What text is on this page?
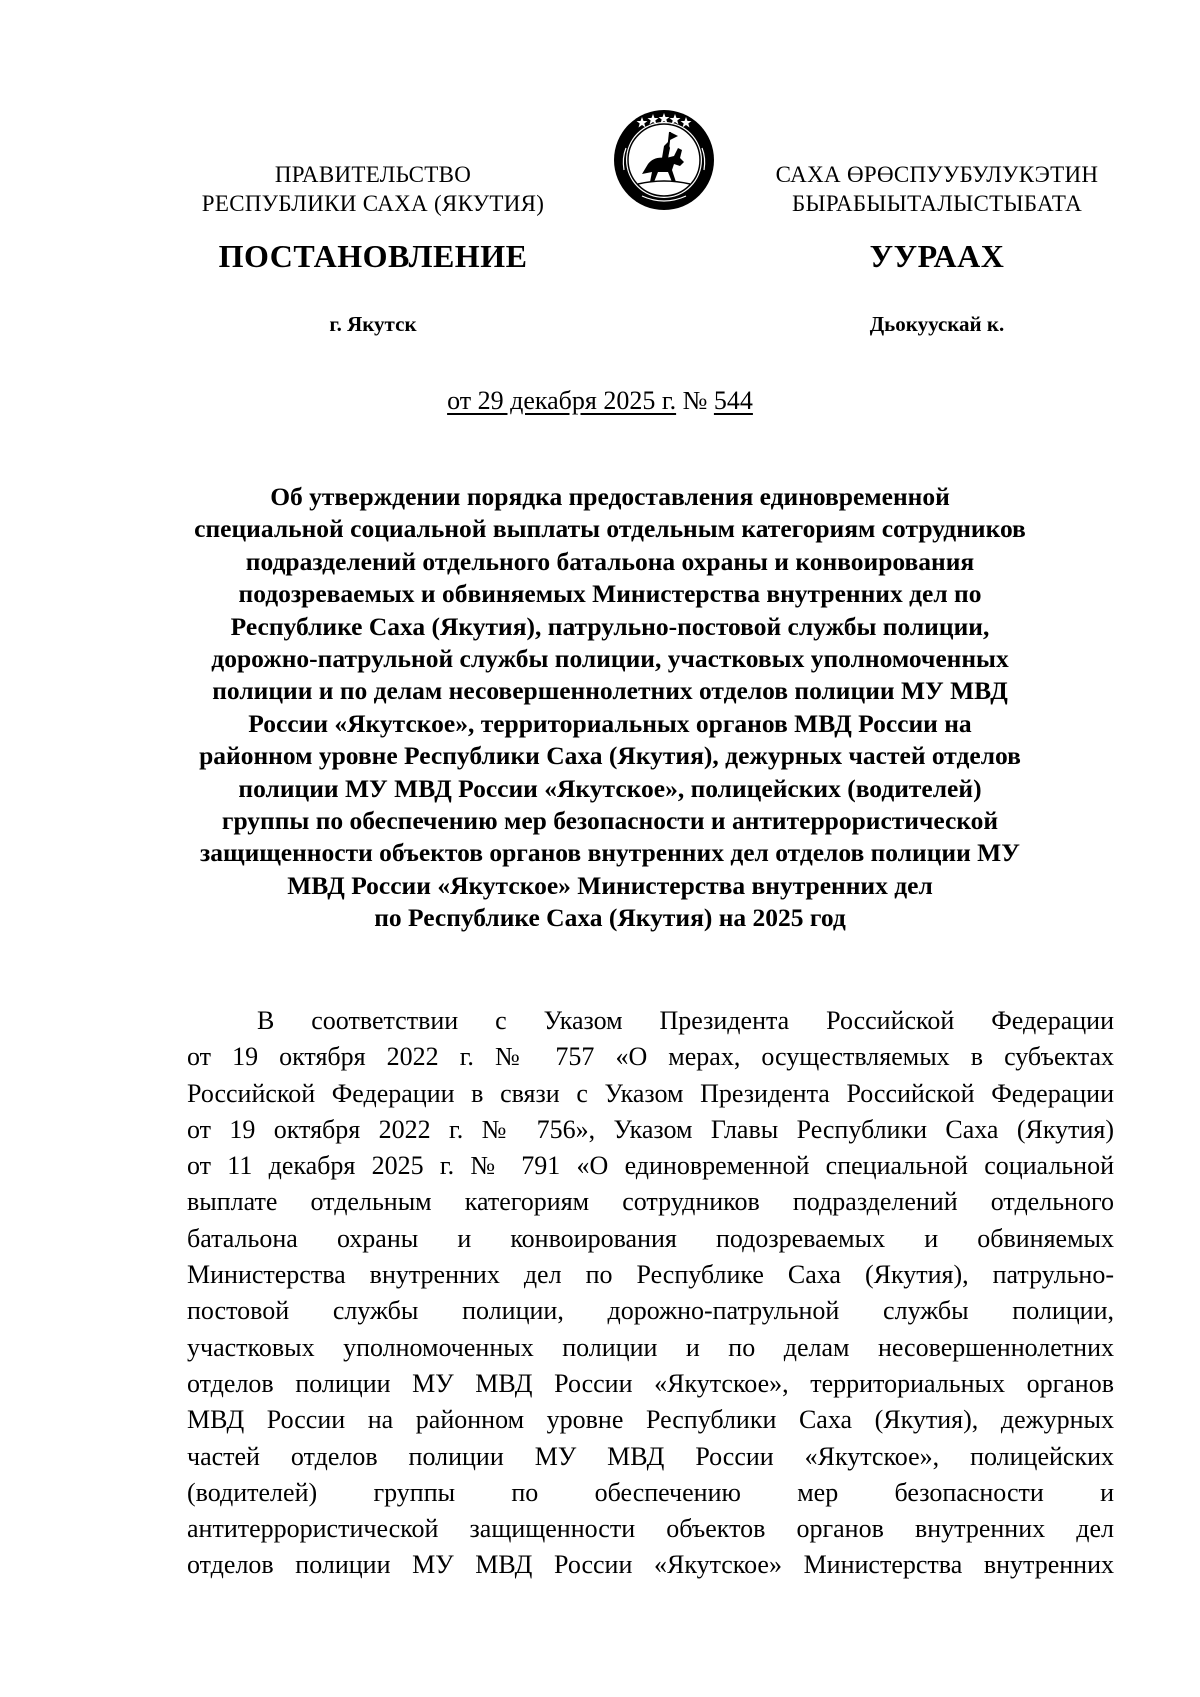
ПРАВИТЕЛЬСТВО
РЕСПУБЛИКИ САХА (ЯКУТИЯ)
ПОСТАНОВЛЕНИЕ
г. Якутск
САХА ӨРӨСПУУБУЛУКЭТИН
БЫРАБЫЫТАЛЫСТЫБАТА
УУРААХ
Дьокуускай к.
от 29 декабря 2025 г. № 544
Об утверждении порядка предоставления единовременной
специальной социальной выплаты отдельным категориям сотрудников
подразделений отдельного батальона охраны и конвоирования
подозреваемых и обвиняемых Министерства внутренних дел по
Республике Саха (Якутия), патрульно-постовой службы полиции,
дорожно-патрульной службы полиции, участковых уполномоченных
полиции и по делам несовершеннолетних отделов полиции МУ МВД
России «Якутское», территориальных органов МВД России на
районном уровне Республики Саха (Якутия), дежурных частей отделов
полиции МУ МВД России «Якутское», полицейских (водителей)
группы по обеспечению мер безопасности и антитеррористической
защищенности объектов органов внутренних дел отделов полиции МУ
МВД России «Якутское» Министерства внутренних дел
по Республике Саха (Якутия) на 2025 год
В соответствии с Указом Президента Российской Федерации
от 19 октября 2022 г. № 757 «О мерах, осуществляемых в субъектах
Российской Федерации в связи с Указом Президента Российской Федерации
от 19 октября 2022 г. № 756», Указом Главы Республики Саха (Якутия)
от 11 декабря 2025 г. № 791 «О единовременной специальной социальной
выплате отдельным категориям сотрудников подразделений отдельного
батальона охраны и конвоирования подозреваемых и обвиняемых
Министерства внутренних дел по Республике Саха (Якутия), патрульно-
постовой службы полиции, дорожно-патрульной службы полиции,
участковых уполномоченных полиции и по делам несовершеннолетних
отделов полиции МУ МВД России «Якутское», территориальных органов
МВД России на районном уровне Республики Саха (Якутия), дежурных
частей отделов полиции МУ МВД России «Якутское», полицейских
(водителей) группы по обеспечению мер безопасности и
антитеррористической защищенности объектов органов внутренних дел
отделов полиции МУ МВД России «Якутское» Министерства внутренних
